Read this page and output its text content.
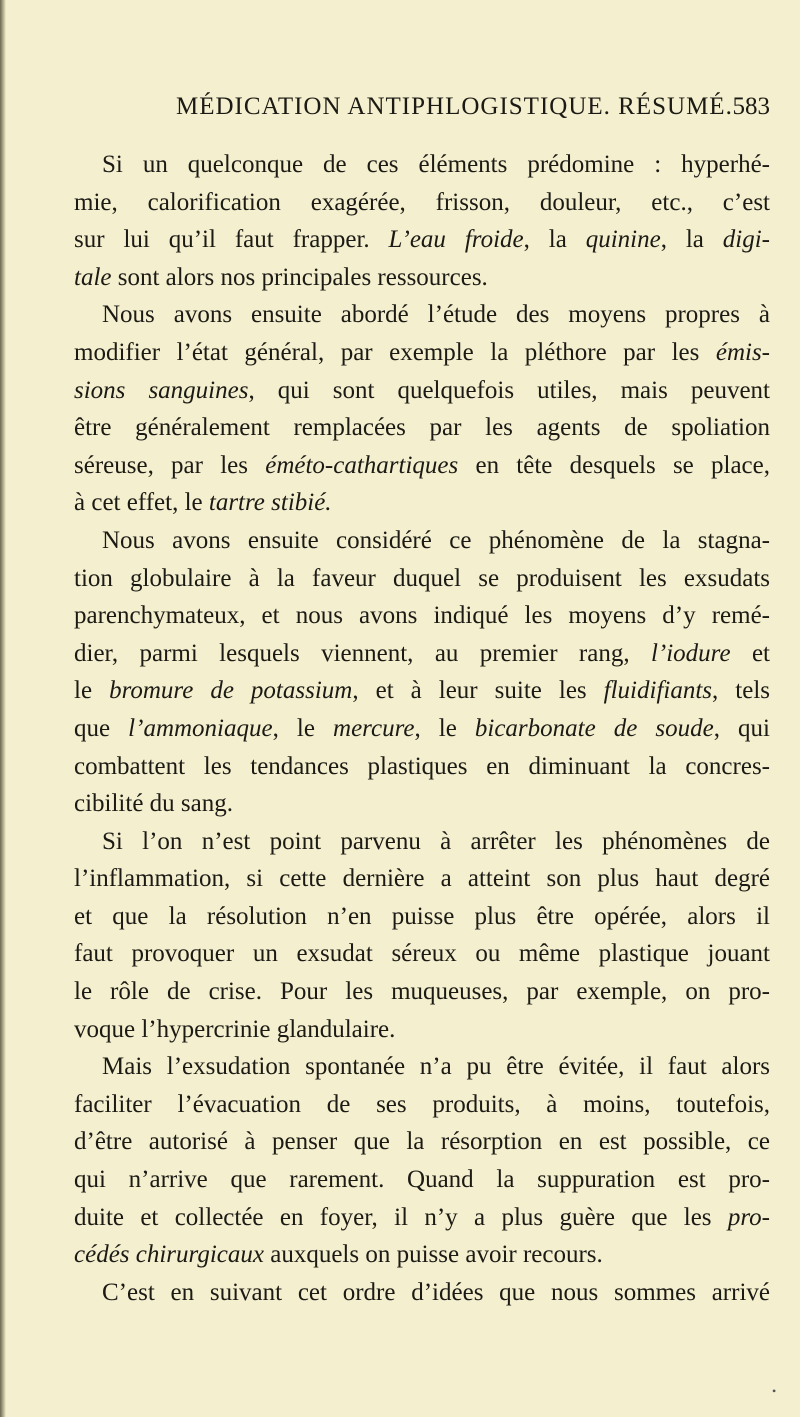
MÉDICATION ANTIPHLOGISTIQUE. RÉSUMÉ. 583
Si un quelconque de ces éléments prédomine : hyperhé-
mie, calorification exagérée, frisson, douleur, etc., c’est
sur lui qu’il faut frapper. L’eau froide, la quinine, la digi-
tale sont alors nos principales ressources.
Nous avons ensuite abordé l’étude des moyens propres à
modifier l’état général, par exemple la pléthore par les émis-
sions sanguines, qui sont quelquefois utiles, mais peuvent
être généralement remplacées par les agents de spoliation
séreuse, par les éméto-cathartiques en tête desquels se place,
à cet effet, le tartre stibié.
Nous avons ensuite considéré ce phénomène de la stagna-
tion globulaire à la faveur duquel se produisent les exsudats
parenchymateux, et nous avons indiqué les moyens d’y remé-
dier, parmi lesquels viennent, au premier rang, l’iodure et
le bromure de potassium, et à leur suite les fluidifiants, tels
que l’ammoniaque, le mercure, le bicarbonate de soude, qui
combattent les tendances plastiques en diminuant la concres-
cibilité du sang.
Si l’on n’est point parvenu à arrêter les phénomènes de
l’inflammation, si cette dernière a atteint son plus haut degré
et que la résolution n’en puisse plus être opérée, alors il
faut provoquer un exsudat séreux ou même plastique jouant
le rôle de crise. Pour les muqueuses, par exemple, on pro-
voque l’hypercrinie glandulaire.
Mais l’exsudation spontanée n’a pu être évitée, il faut alors
faciliter l’évacuation de ses produits, à moins, toutefois,
d’être autorisé à penser que la résorption en est possible, ce
qui n’arrive que rarement. Quand la suppuration est pro-
duite et collectée en foyer, il n’y a plus guère que les pro-
cédés chirurgicaux auxquels on puisse avoir recours.
C’est en suivant cet ordre d’idées que nous sommes arrivé
•
